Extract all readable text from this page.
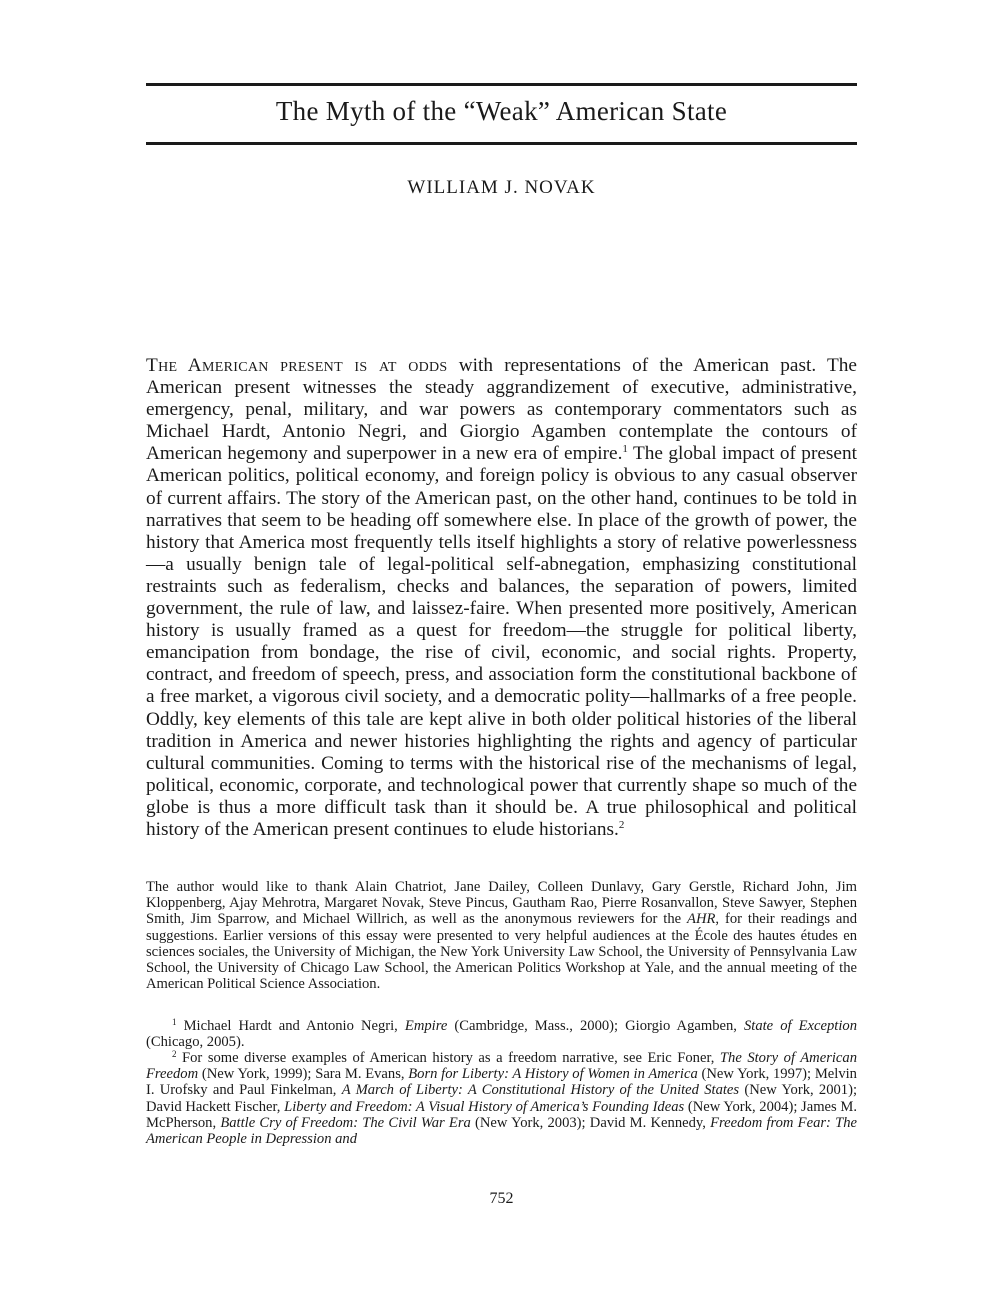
The Myth of the “Weak” American State
WILLIAM J. NOVAK

The American present is at odds with representations of the American past. The American present witnesses the steady aggrandizement of executive, administrative, emergency, penal, military, and war powers as contemporary commentators such as Michael Hardt, Antonio Negri, and Giorgio Agamben contemplate the contours of American hegemony and superpower in a new era of empire.$^1$ The global impact of present American politics, political economy, and foreign policy is obvious to any casual observer of current affairs. The story of the American past, on the other hand, continues to be told in narratives that seem to be heading off somewhere else. In place of the growth of power, the history that America most frequently tells itself highlights a story of relative powerlessness—a usually benign tale of legal-political self-abnegation, emphasizing constitutional restraints such as federalism, checks and balances, the separation of powers, limited government, the rule of law, and laissez-faire. When presented more positively, American history is usually framed as a quest for freedom—the struggle for political liberty, emancipation from bondage, the rise of civil, economic, and social rights. Property, contract, and freedom of speech, press, and association form the constitutional backbone of a free market, a vigorous civil society, and a democratic polity—hallmarks of a free people. Oddly, key elements of this tale are kept alive in both older political histories of the liberal tradition in America and newer histories highlighting the rights and agency of particular cultural communities. Coming to terms with the historical rise of the mechanisms of legal, political, economic, corporate, and technological power that currently shape so much of the globe is thus a more difficult task than it should be. A true philosophical and political history of the American present continues to elude historians.$^2$

The author would like to thank Alain Chatriot, Jane Dailey, Colleen Dunlavy, Gary Gerstle, Richard John, Jim Kloppenberg, Ajay Mehrotra, Margaret Novak, Steve Pincus, Gautham Rao, Pierre Rosanvallon, Steve Sawyer, Stephen Smith, Jim Sparrow, and Michael Willrich, as well as the anonymous reviewers for the AHR, for their readings and suggestions. Earlier versions of this essay were presented to very helpful audiences at the École des hautes études en sciences sociales, the University of Michigan, the New York University Law School, the University of Pennsylvania Law School, the University of Chicago Law School, the American Politics Workshop at Yale, and the annual meeting of the American Political Science Association.

$^1$ Michael Hardt and Antonio Negri, Empire (Cambridge, Mass., 2000); Giorgio Agamben, State of Exception (Chicago, 2005).

$^2$ For some diverse examples of American history as a freedom narrative, see Eric Foner, The Story of American Freedom (New York, 1999); Sara M. Evans, Born for Liberty: A History of Women in America (New York, 1997); Melvin I. Urofsky and Paul Finkelman, A March of Liberty: A Constitutional History of the United States (New York, 2001); David Hackett Fischer, Liberty and Freedom: A Visual History of America’s Founding Ideas (New York, 2004); James M. McPherson, Battle Cry of Freedom: The Civil War Era (New York, 2003); David M. Kennedy, Freedom from Fear: The American People in Depression and

752
